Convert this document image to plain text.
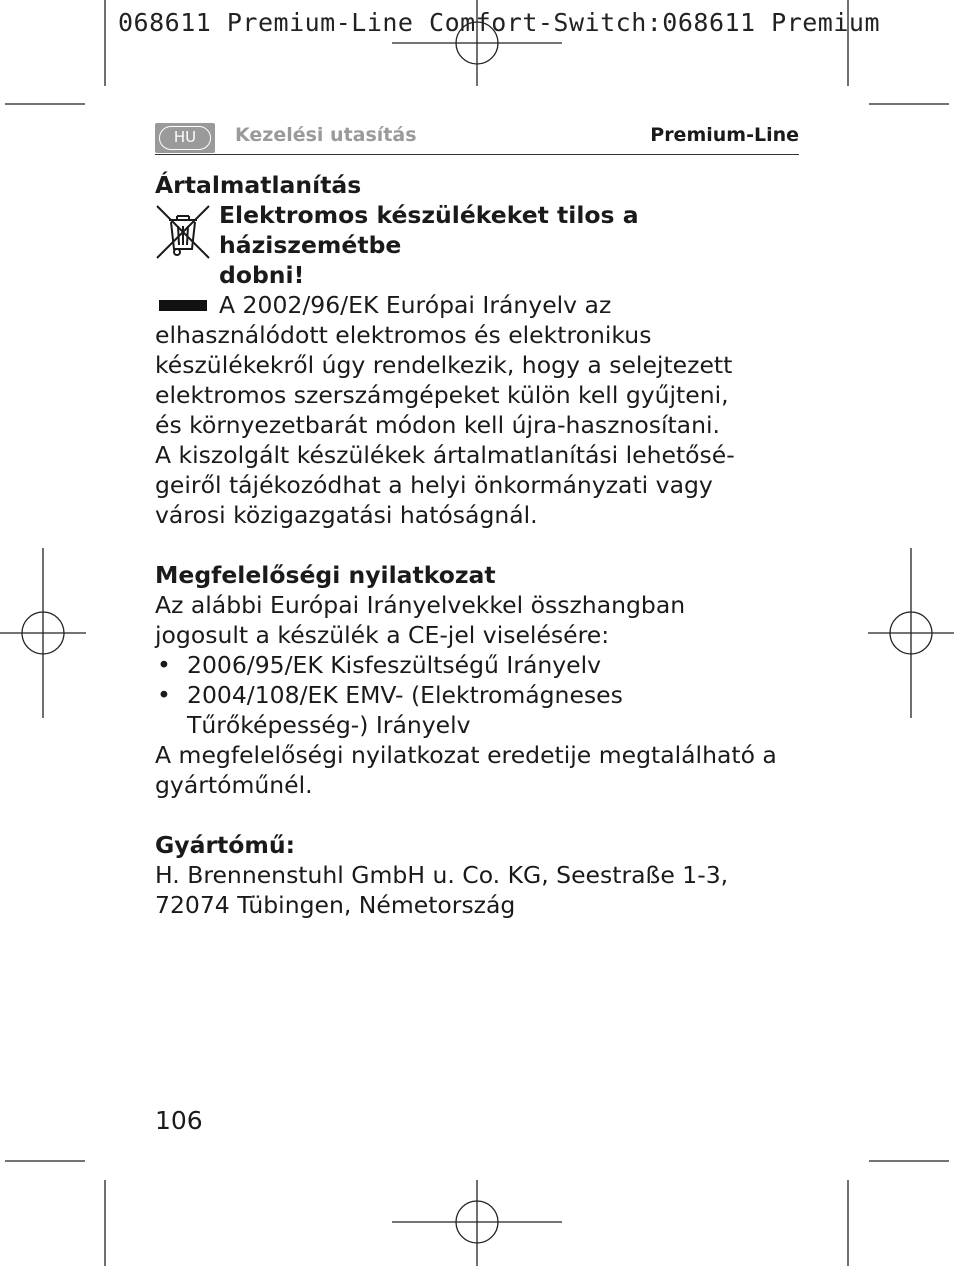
068611 Premium-Line Comfort-Switch:068611 Premium
HU	Kezelési utasítás	Premium-Line

Ártalmatlanítás

Elektromos készülékeket tilos a háziszemétbe

dobni!

A 2002/96/EK Európai Irányelv az

elhasználódott elektromos és elektronikus

készülékekről úgy rendelkezik, hogy a selejtezett

elektromos szerszámgépeket külön kell gyűjteni,

és környezetbarát módon kell újra-hasznosítani.

A kiszolgált készülékek ártalmatlanítási lehetősé-

geiről tájékozódhat a helyi önkormányzati vagy

városi közigazgatási hatóságnál.

Megfelelőségi nyilatkozat

Az alábbi Európai Irányelvekkel összhangban

jogosult a készülék a CE-jel viselésére:

• 2006/95/EK Kisfeszültségű Irányelv

• 2004/108/EK EMV- (Elektromágneses

Tűrőképesség-) Irányelv

A megfelelőségi nyilatkozat eredetije megtalálható a

gyártóműnél.

Gyártómű:

H. Brennenstuhl GmbH u. Co. KG, Seestraße 1-3,

72074 Tübingen, Németország

106
